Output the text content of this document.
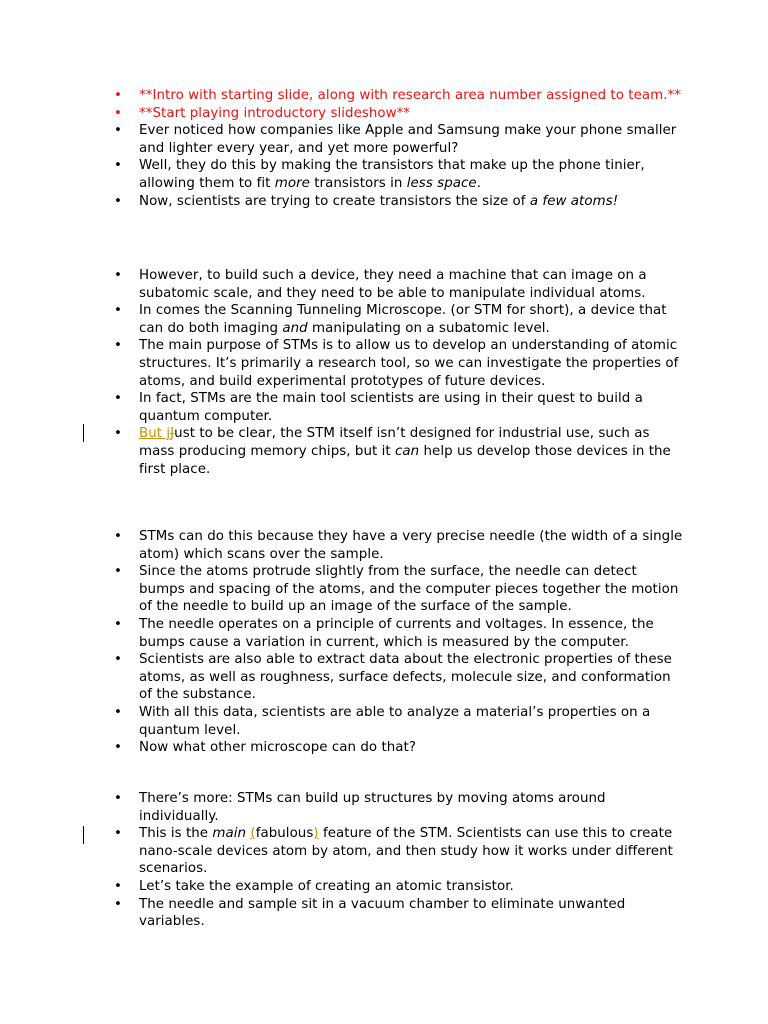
•	**Intro with starting slide, along with research area number assigned to team.**
•	**Start playing introductory slideshow**
•	Ever noticed how companies like Apple and Samsung make your phone smaller and lighter every year, and yet more powerful?
•	Well, they do this by making the transistors that make up the phone tinier, allowing them to fit more transistors in less space.
•	Now, scientists are trying to create transistors the size of a few atoms!
•	However, to build such a device, they need a machine that can image on a subatomic scale, and they need to be able to manipulate individual atoms.
•	In comes the Scanning Tunneling Microscope. (or STM for short), a device that can do both imaging and manipulating on a subatomic level.
•	The main purpose of STMs is to allow us to develop an understanding of atomic structures. It’s primarily a research tool, so we can investigate the properties of atoms, and build experimental prototypes of future devices.
•	In fact, STMs are the main tool scientists are using in their quest to build a quantum computer.
•	But jJust to be clear, the STM itself isn’t designed for industrial use, such as mass producing memory chips, but it can help us develop those devices in the first place.
•	STMs can do this because they have a very precise needle (the width of a single atom) which scans over the sample.
•	Since the atoms protrude slightly from the surface, the needle can detect bumps and spacing of the atoms, and the computer pieces together the motion of the needle to build up an image of the surface of the sample.
•	The needle operates on a principle of currents and voltages. In essence, the bumps cause a variation in current, which is measured by the computer.
•	Scientists are also able to extract data about the electronic properties of these atoms, as well as roughness, surface defects, molecule size, and conformation of the substance.
•	With all this data, scientists are able to analyze a material’s properties on a quantum level.
•	Now what other microscope can do that?
•	There’s more: STMs can build up structures by moving atoms around individually.
•	This is the main (fabulous) feature of the STM. Scientists can use this to create nano-scale devices atom by atom, and then study how it works under different scenarios.
•	Let’s take the example of creating an atomic transistor.
•	The needle and sample sit in a vacuum chamber to eliminate unwanted variables.
